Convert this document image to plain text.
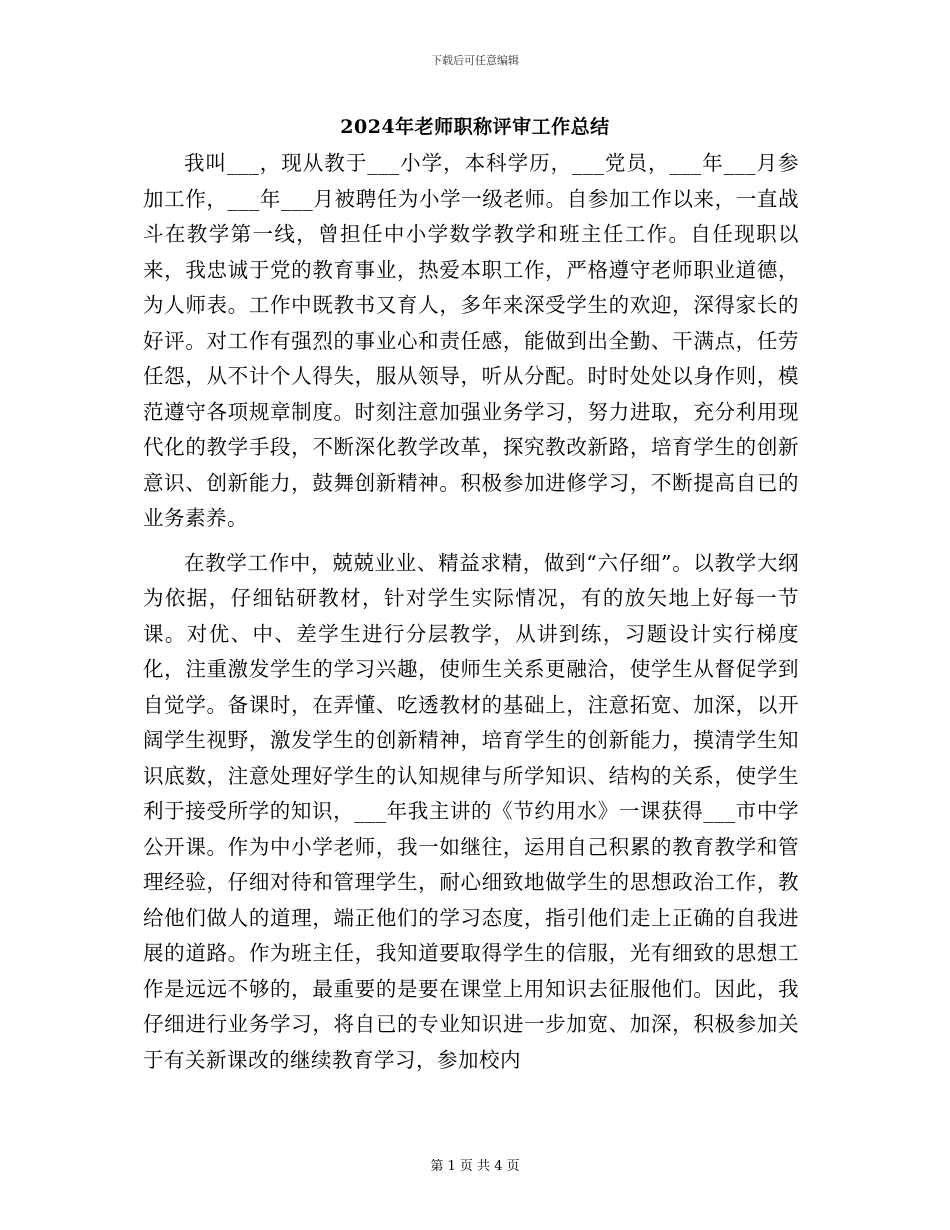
下载后可任意编辑
2024年老师职称评审工作总结

我叫___，现从教于___小学，本科学历，___党员，___年___月参加工作，___年___月被聘任为小学一级老师。自参加工作以来，一直战斗在教学第一线，曾担任中小学数学教学和班主任工作。自任现职以来，我忠诚于党的教育事业，热爱本职工作，严格遵守老师职业道德，为人师表。工作中既教书又育人，多年来深受学生的欢迎，深得家长的好评。对工作有强烈的事业心和责任感，能做到出全勤、干满点，任劳任怨，从不计个人得失，服从领导，听从分配。时时处处以身作则，模范遵守各项规章制度。时刻注意加强业务学习，努力进取，充分利用现代化的教学手段，不断深化教学改革，探究教改新路，培育学生的创新意识、创新能力，鼓舞创新精神。积极参加进修学习，不断提高自已的业务素养。

在教学工作中，兢兢业业、精益求精，做到“六仔细”。以教学大纲为依据，仔细钻研教材，针对学生实际情况，有的放矢地上好每一节课。对优、中、差学生进行分层教学，从讲到练，习题设计实行梯度化，注重激发学生的学习兴趣，使师生关系更融洽，使学生从督促学到自觉学。备课时，在弄懂、吃透教材的基础上，注意拓宽、加深，以开阔学生视野，激发学生的创新精神，培育学生的创新能力，摸清学生知识底数，注意处理好学生的认知规律与所学知识、结构的关系，使学生利于接受所学的知识，___年我主讲的《节约用水》一课获得___市中学公开课。作为中小学老师，我一如继往，运用自己积累的教育教学和管理经验，仔细对待和管理学生，耐心细致地做学生的思想政治工作，教给他们做人的道理，端正他们的学习态度，指引他们走上正确的自我进展的道路。作为班主任，我知道要取得学生的信服，光有细致的思想工作是远远不够的，最重要的是要在课堂上用知识去征服他们。因此，我仔细进行业务学习，将自已的专业知识进一步加宽、加深，积极参加关于有关新课改的继续教育学习，参加校内

第 1 页 共 4 页
